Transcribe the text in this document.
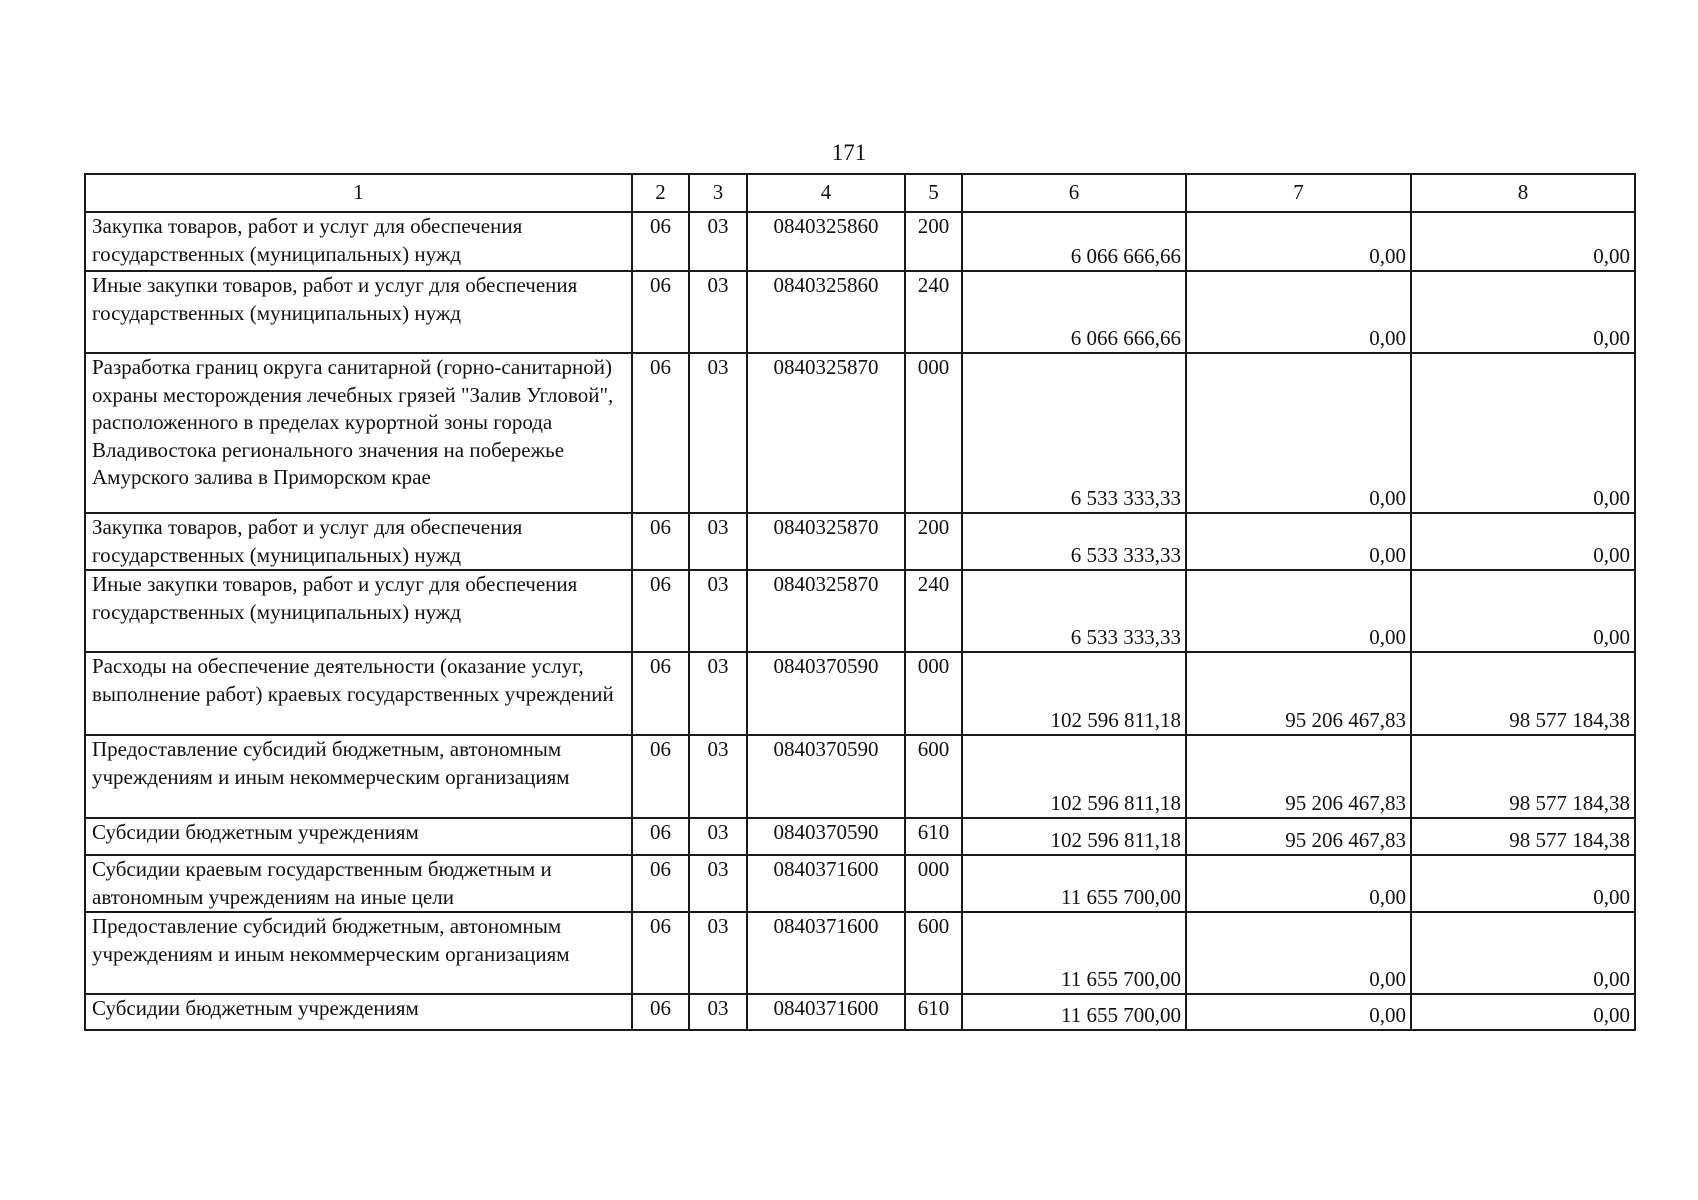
171
1	2	3	4	5	6	7	8
Закупка товаров, работ и услуг для обеспечения государственных (муниципальных) нужд	06	03	0840325860	200	6 066 666,66	0,00	0,00
Иные закупки товаров, работ и услуг для обеспечения государственных (муниципальных) нужд	06	03	0840325860	240	6 066 666,66	0,00	0,00
Разработка границ округа санитарной (горно-санитарной) охраны месторождения лечебных грязей "Залив Угловой", расположенного в пределах курортной зоны города Владивостока регионального значения на побережье Амурского залива в Приморском крае	06	03	0840325870	000	6 533 333,33	0,00	0,00
Закупка товаров, работ и услуг для обеспечения государственных (муниципальных) нужд	06	03	0840325870	200	6 533 333,33	0,00	0,00
Иные закупки товаров, работ и услуг для обеспечения государственных (муниципальных) нужд	06	03	0840325870	240	6 533 333,33	0,00	0,00
Расходы на обеспечение деятельности (оказание услуг, выполнение работ) краевых государственных учреждений	06	03	0840370590	000	102 596 811,18	95 206 467,83	98 577 184,38
Предоставление субсидий бюджетным, автономным учреждениям и иным некоммерческим организациям	06	03	0840370590	600	102 596 811,18	95 206 467,83	98 577 184,38
Субсидии бюджетным учреждениям	06	03	0840370590	610	102 596 811,18	95 206 467,83	98 577 184,38
Субсидии краевым государственным бюджетным и автономным учреждениям на иные цели	06	03	0840371600	000	11 655 700,00	0,00	0,00
Предоставление субсидий бюджетным, автономным учреждениям и иным некоммерческим организациям	06	03	0840371600	600	11 655 700,00	0,00	0,00
Субсидии бюджетным учреждениям	06	03	0840371600	610	11 655 700,00	0,00	0,00
